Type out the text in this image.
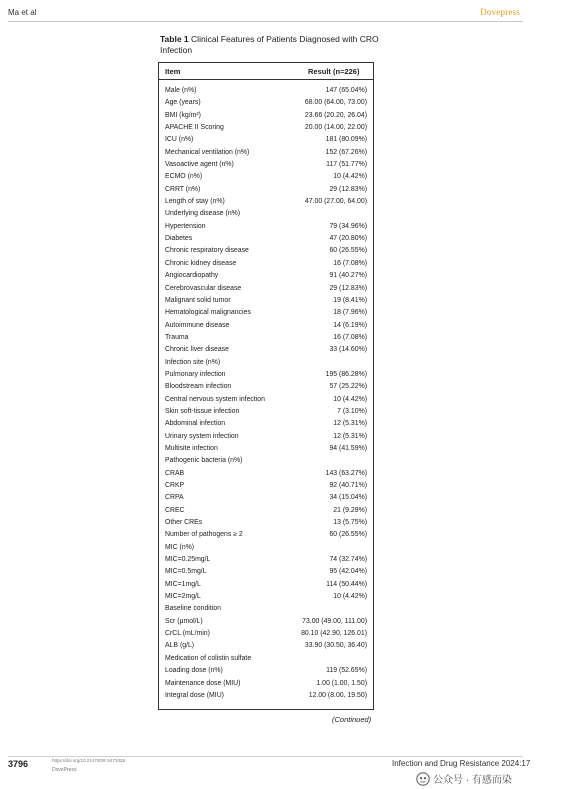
Ma et al	Dovepress
Table 1 Clinical Features of Patients Diagnosed with CRO Infection
Item	Result (n=226)
Male (n%)	147 (65.04%)
Age (years)	68.00 (64.00, 73.00)
BMI (kg/m²)	23.66 (20.20, 26.04)
APACHE II Scoring	20.00 (14.00, 22.00)
ICU (n%)	181 (80.09%)
Mechanical ventilation (n%)	152 (67.26%)
Vasoactive agent (n%)	117 (51.77%)
ECMO (n%)	10 (4.42%)
CRRT (n%)	29 (12.83%)
Length of stay (n%)	47.00 (27.00, 64.00)
Underlying disease (n%)
Hypertension	79 (34.96%)
Diabetes	47 (20.80%)
Chronic respiratory disease	60 (26.55%)
Chronic kidney disease	16 (7.08%)
Angiocardiopathy	91 (40.27%)
Cerebrovascular disease	29 (12.83%)
Malignant solid tumor	19 (8.41%)
Hematological malignancies	18 (7.96%)
Autoimmune disease	14 (6.19%)
Trauma	16 (7.08%)
Chronic liver disease	33 (14.60%)
Infection site (n%)
Pulmonary infection	195 (86.28%)
Bloodstream infection	57 (25.22%)
Central nervous system infection	10 (4.42%)
Skin soft-tissue infection	7 (3.10%)
Abdominal infection	12 (5.31%)
Urinary system infection	12 (5.31%)
Multisite infection	94 (41.59%)
Pathogenic bacteria (n%)
CRAB	143 (63.27%)
CRKP	92 (40.71%)
CRPA	34 (15.04%)
CREC	21 (9.29%)
Other CREs	13 (5.75%)
Number of pathogens ≥ 2	60 (26.55%)
MIC (n%)
MIC=0.25mg/L	74 (32.74%)
MIC=0.5mg/L	95 (42.04%)
MIC=1mg/L	114 (50.44%)
MIC=2mg/L	10 (4.42%)
Baseline condition
Scr (μmol/L)	73.00 (49.00, 111.00)
CrCL (mL/min)	80.10 (42.90, 126.01)
ALB (g/L)	33.90 (30.50, 36.40)
Medication of colistin sulfate
Loading dose (n%)	119 (52.65%)
Maintenance dose (MIU)	1.00 (1.00, 1.50)
Integral dose (MIU)	12.00 (8.00, 19.50)
(Continued)
3796	https://doi.org/10.2147/IDR.S473328
DovePress
Infection and Drug Resistance 2024:17
公众号 · 有感而染
